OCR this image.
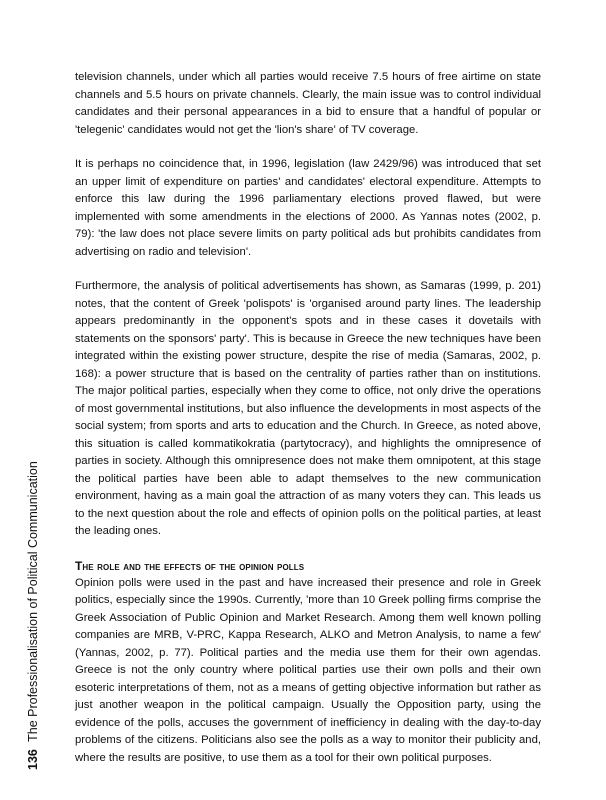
television channels, under which all parties would receive 7.5 hours of free airtime on state channels and 5.5 hours on private channels. Clearly, the main issue was to control individual candidates and their personal appearances in a bid to ensure that a handful of popular or 'telegenic' candidates would not get the 'lion's share' of TV coverage.

It is perhaps no coincidence that, in 1996, legislation (law 2429/96) was introduced that set an upper limit of expenditure on parties' and candidates' electoral expenditure. Attempts to enforce this law during the 1996 parliamentary elections proved flawed, but were implemented with some amendments in the elections of 2000. As Yannas notes (2002, p. 79): 'the law does not place severe limits on party political ads but prohibits candidates from advertising on radio and television'.

Furthermore, the analysis of political advertisements has shown, as Samaras (1999, p. 201) notes, that the content of Greek 'polispots' is 'organised around party lines. The leadership appears predominantly in the opponent's spots and in these cases it dovetails with statements on the sponsors' party'. This is because in Greece the new techniques have been integrated within the existing power structure, despite the rise of media (Samaras, 2002, p. 168): a power structure that is based on the centrality of parties rather than on institutions. The major political parties, especially when they come to office, not only drive the operations of most governmental institutions, but also influence the developments in most aspects of the social system; from sports and arts to education and the Church. In Greece, as noted above, this situation is called kommatikokratia (partytocracy), and highlights the omnipresence of parties in society. Although this omnipresence does not make them omnipotent, at this stage the political parties have been able to adapt themselves to the new communication environment, having as a main goal the attraction of as many voters they can. This leads us to the next question about the role and effects of opinion polls on the political parties, at least the leading ones.

The role and the effects of the opinion polls

Opinion polls were used in the past and have increased their presence and role in Greek politics, especially since the 1990s. Currently, 'more than 10 Greek polling firms comprise the Greek Association of Public Opinion and Market Research. Among them well known polling companies are MRB, V-PRC, Kappa Research, ALKO and Metron Analysis, to name a few' (Yannas, 2002, p. 77). Political parties and the media use them for their own agendas. Greece is not the only country where political parties use their own polls and their own esoteric interpretations of them, not as a means of getting objective information but rather as just another weapon in the political campaign. Usually the Opposition party, using the evidence of the polls, accuses the government of inefficiency in dealing with the day-to-day problems of the citizens. Politicians also see the polls as a way to monitor their publicity and, where the results are positive, to use them as a tool for their own political purposes.

136 The Professionalisation of Political Communication
